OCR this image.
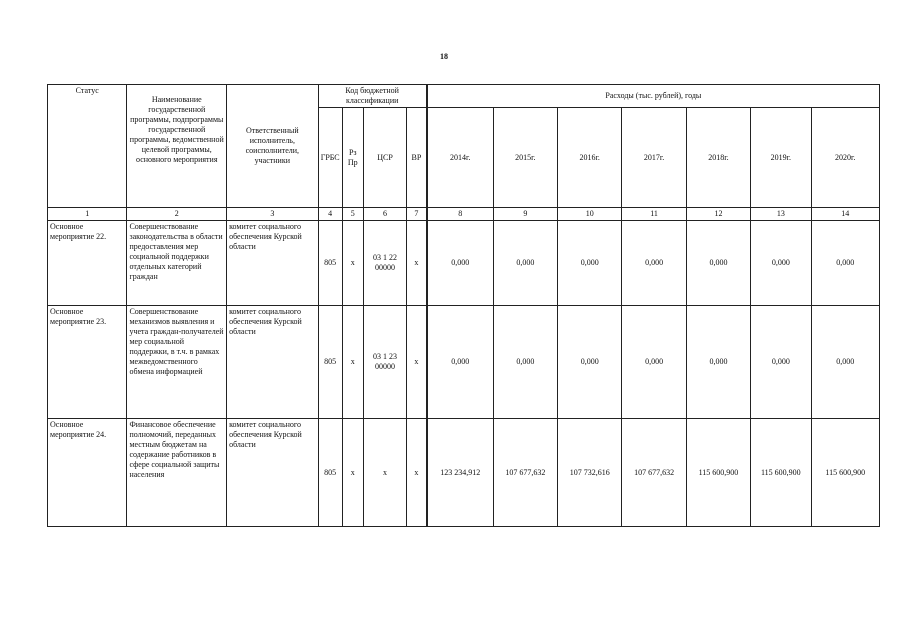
18
Статус	Наименование государственной программы, подпрограммы государственной программы, ведомственной целевой программы, основного мероприятия	Ответственный исполнитель, соисполнители, участники	Код бюджетной классификации				Расходы (тыс. рублей), годы						
			ГРБС	Рз Пр	ЦСР	ВР	2014г.	2015г.	2016г.	2017г.	2018г.	2019г.	2020г.
1	2	3	4	5	6	7	8	9	10	11	12	13	14
Основное мероприятие 22.	Совершенствование законодательства в области предоставления мер социальной поддержки отдельных категорий граждан	комитет социального обеспечения Курской области	805	х	03 1 22 00000	х	0,000	0,000	0,000	0,000	0,000	0,000	0,000
Основное мероприятие 23.	Совершенствование механизмов выявления и учета граждан-получателей мер социальной поддержки, в т.ч. в рамках межведомственного обмена информацией	комитет социального обеспечения Курской области	805	х	03 1 23 00000	х	0,000	0,000	0,000	0,000	0,000	0,000	0,000
Основное мероприятие 24.	Финансовое обеспечение полномочий, переданных местным бюджетам на содержание работников в сфере социальной защиты населения	комитет социального обеспечения Курской области	805	х	х	х	123 234,912	107 677,632	107 732,616	107 677,632	115 600,900	115 600,900	115 600,900
